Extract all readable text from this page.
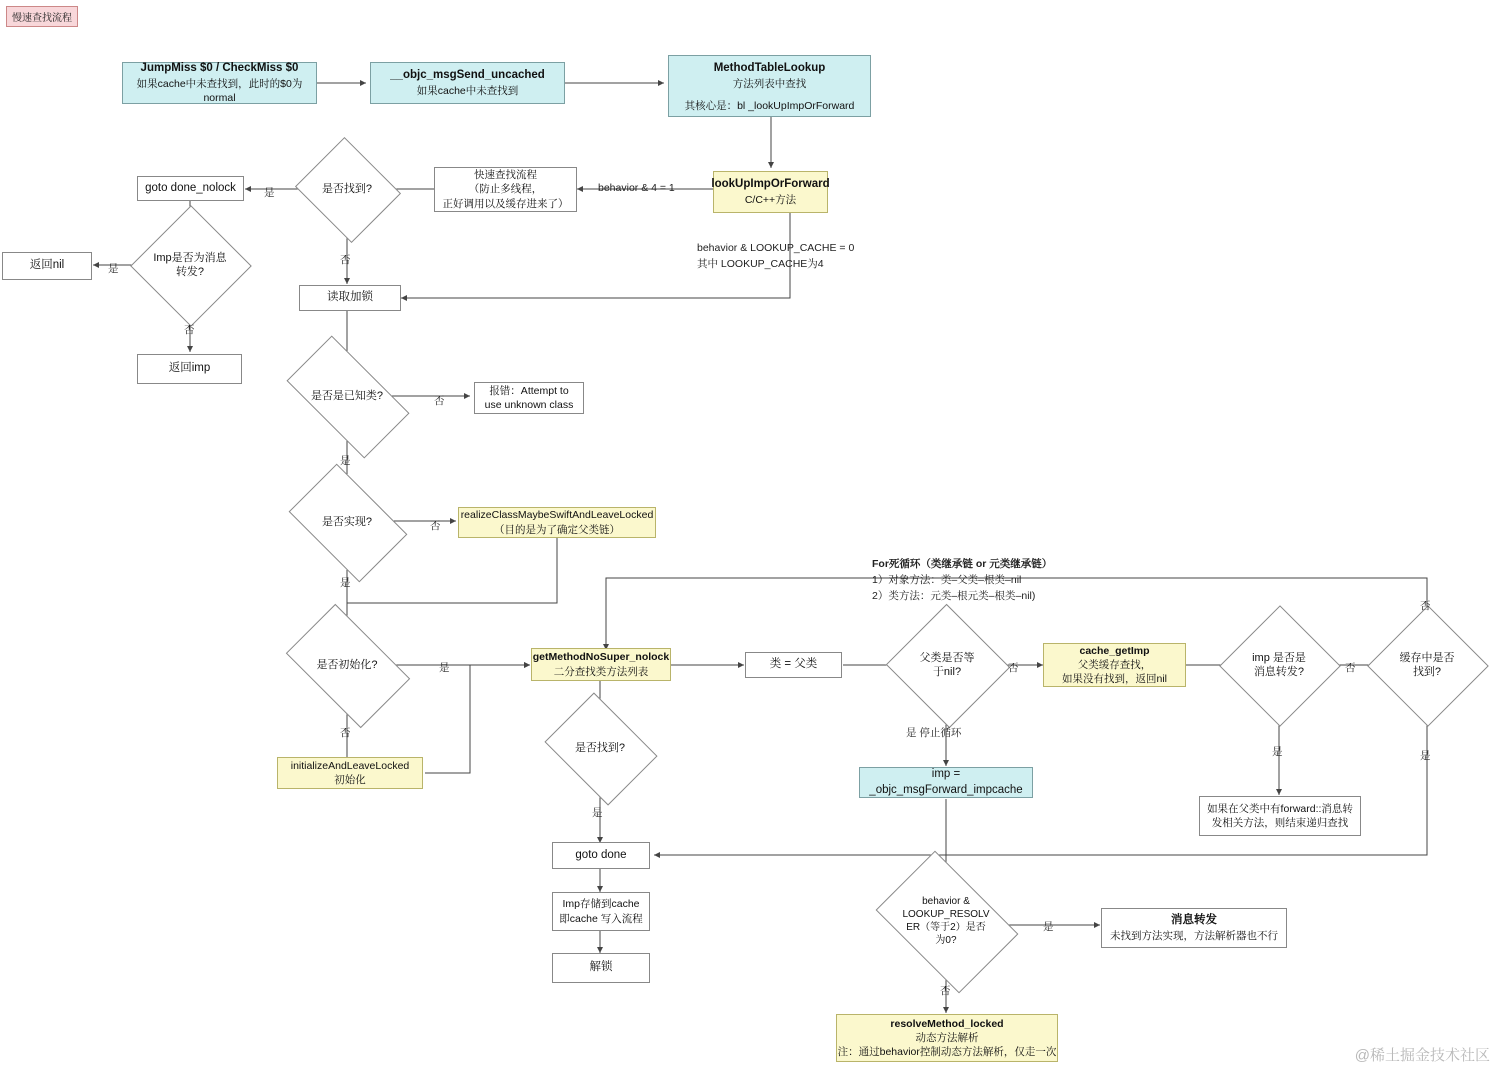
慢速查找流程
JumpMiss $0 / CheckMiss $0
如果cache中未查找到，此时的$0为normal
__objc_msgSend_uncached
如果cache中未查找到
MethodTableLookup
方法列表中查找
其核心是：bl _lookUpImpOrForward
lookUpImpOrForward
C/C++方法
behavior & 4 = 1
behavior & LOOKUP_CACHE = 0
其中 LOOKUP_CACHE为4
快速查找流程
（防止多线程，
正好调用以及缓存进来了）
是否找到?
是
否
goto done_nolock
Imp是否为消息
转发?
是
否
返回nil
返回imp
读取加锁
是否是已知类?	否
是
报错：Attempt to
use unknown class
是否实现?	否
是
realizeClassMaybeSwiftAndLeaveLocked
（目的是为了确定父类链）
是否初始化?	是
否
initializeAndLeaveLocked
初始化
For死循环（类继承链 or 元类继承链）
1）对象方法：类–父类–根类–nil
2）类方法：元类–根元类–根类–nil)
getMethodNoSuper_nolock
二分查找类方法列表
是否找到?
是
类 = 父类
父类是否等
于nil?	否
是 停止循环
cache_getImp
父类缓存查找，
如果没有找到，返回nil
imp 是否是
消息转发?	否
是
缓存中是否
找到?
否
是
如果在父类中有forward::消息转
发相关方法，则结束递归查找
imp = _objc_msgForward_impcache
goto done
Imp存储到cache
即cache 写入流程
解锁
behavior &
LOOKUP_RESOLV
ER（等于2）是否
为0?
是
否
消息转发
未找到方法实现，方法解析器也不行
resolveMethod_locked
动态方法解析
注：通过behavior控制动态方法解析，仅走一次	@稀土掘金技术社区
